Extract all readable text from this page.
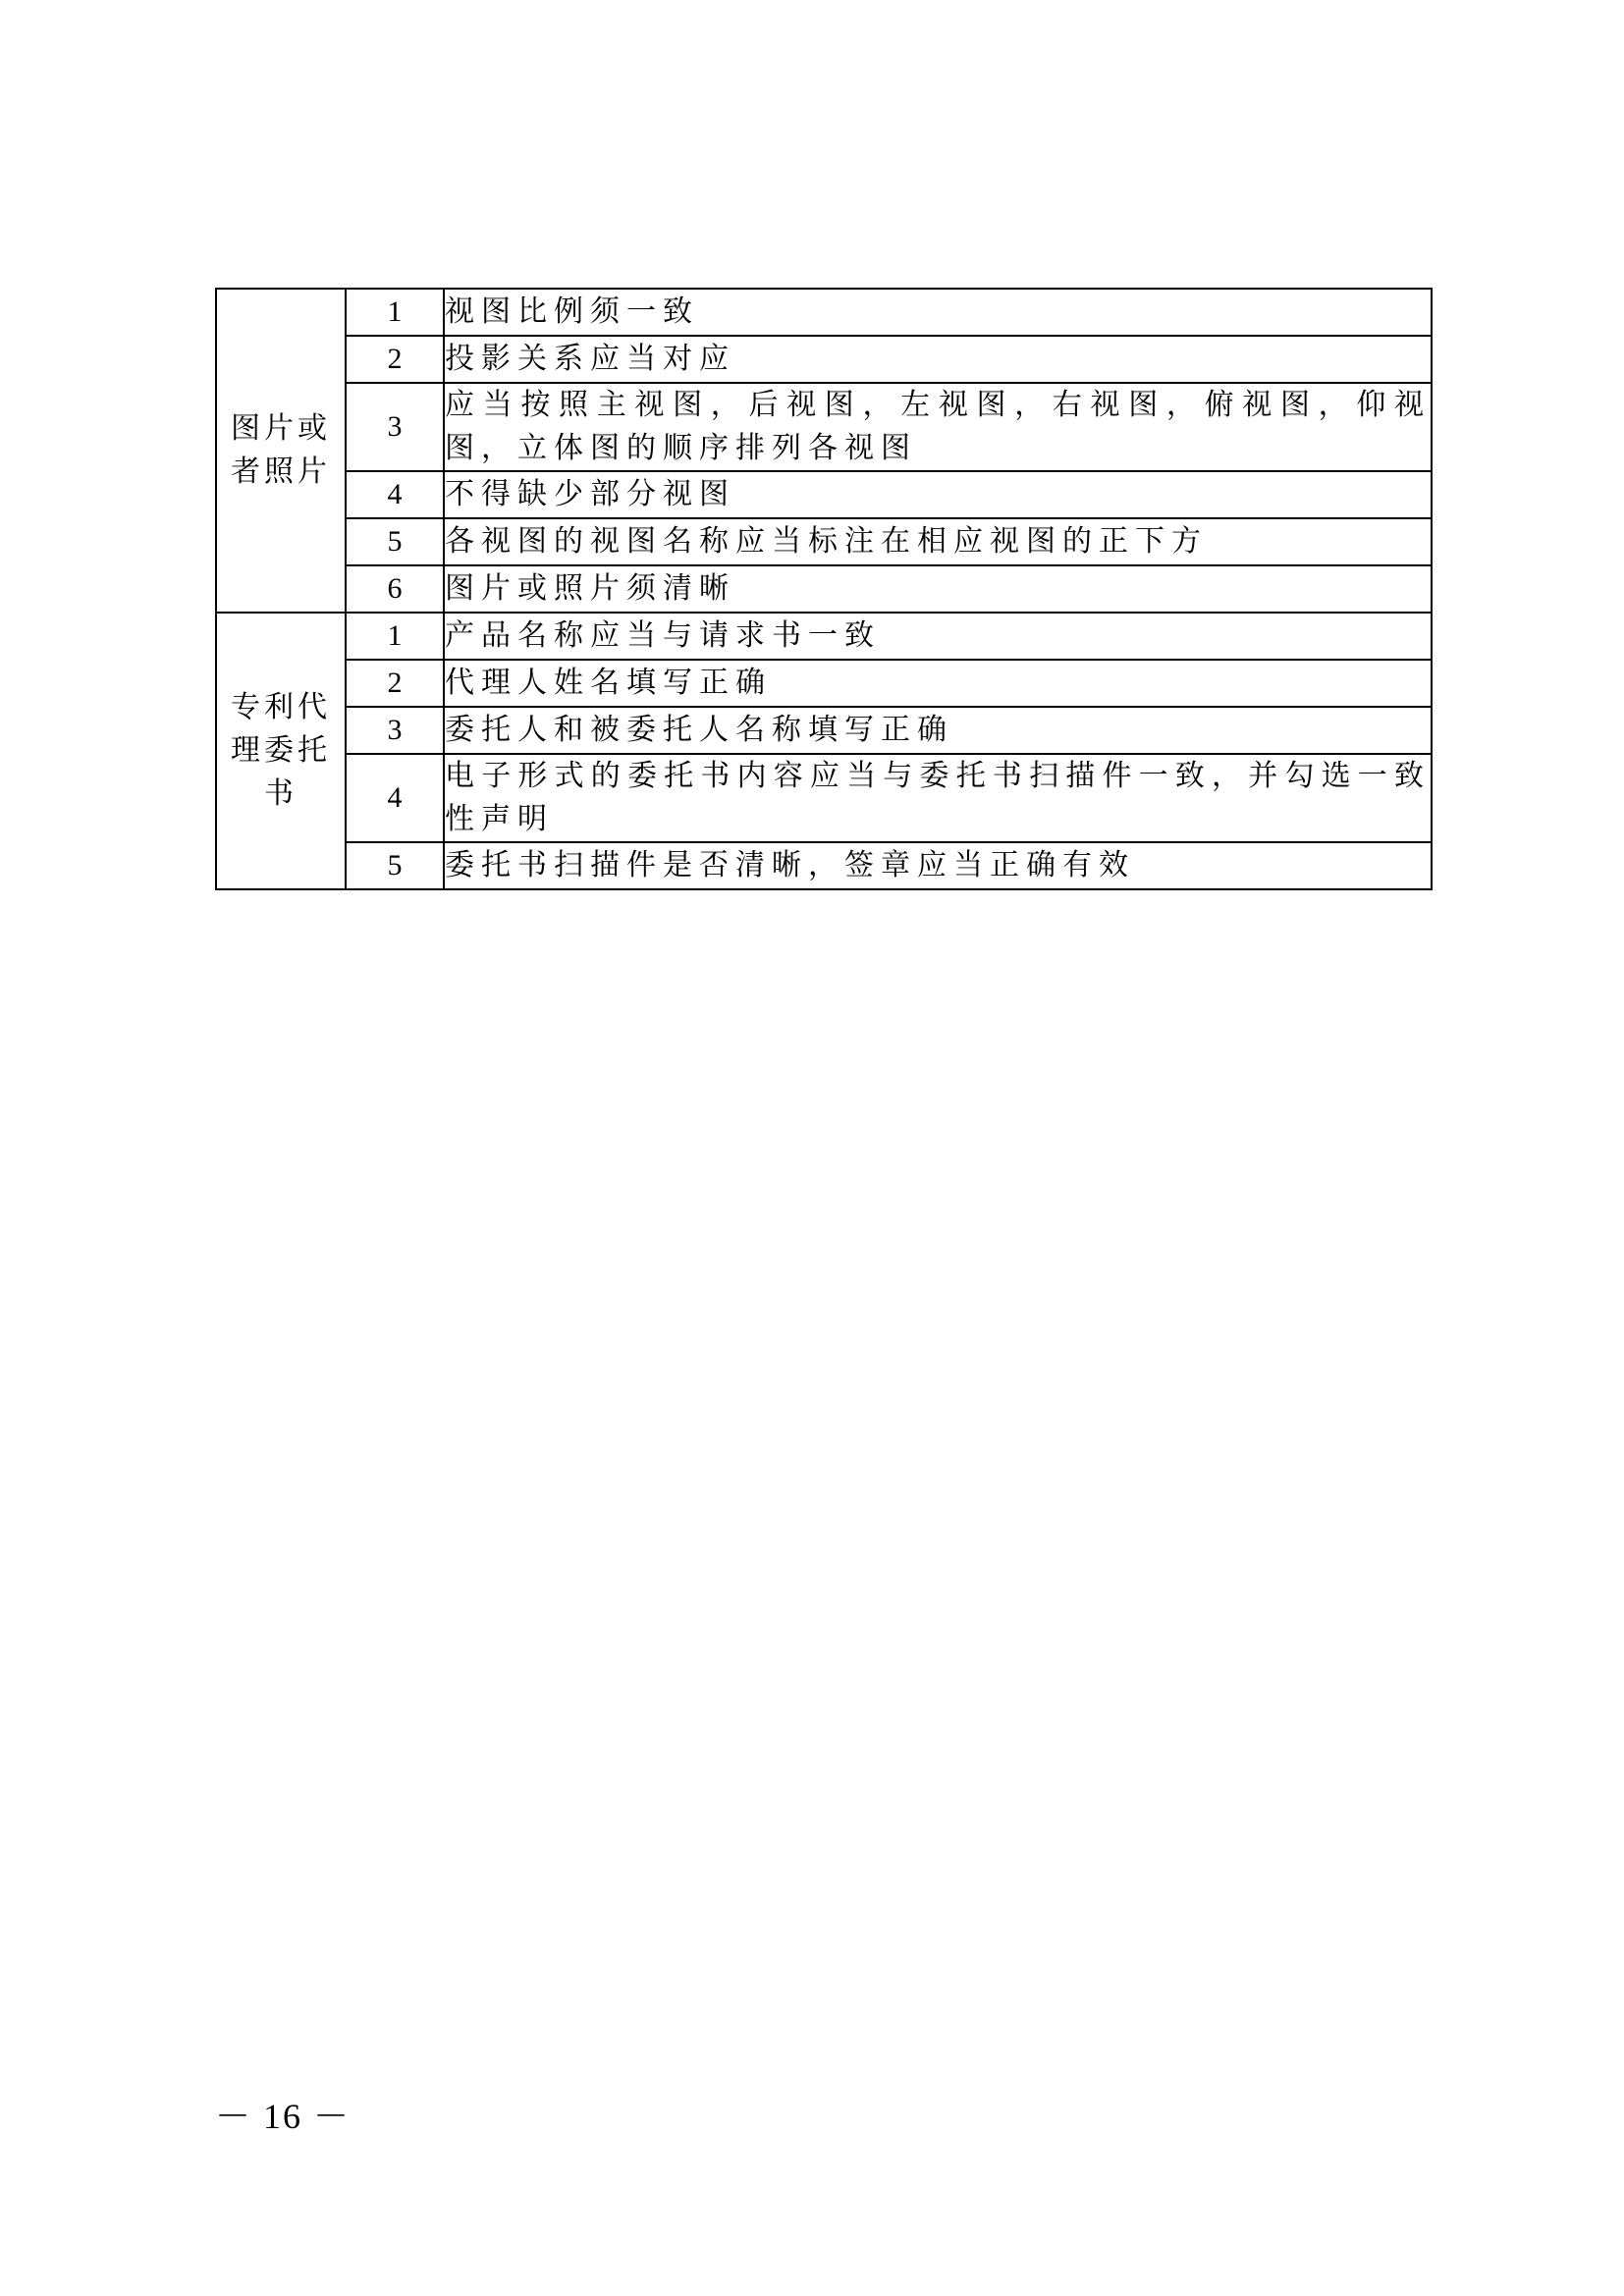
图片或者照片	1	视图比例须一致
	2	投影关系应当对应
	3	应当按照主视图，后视图，左视图，右视图，俯视图，仰视图，立体图的顺序排列各视图
	4	不得缺少部分视图
	5	各视图的视图名称应当标注在相应视图的正下方
	6	图片或照片须清晰

专利代理委托书	1	产品名称应当与请求书一致
	2	代理人姓名填写正确
	3	委托人和被委托人名称填写正确
	4	电子形式的委托书内容应当与委托书扫描件一致，并勾选一致性声明
	5	委托书扫描件是否清晰，签章应当正确有效
－ 16 －
